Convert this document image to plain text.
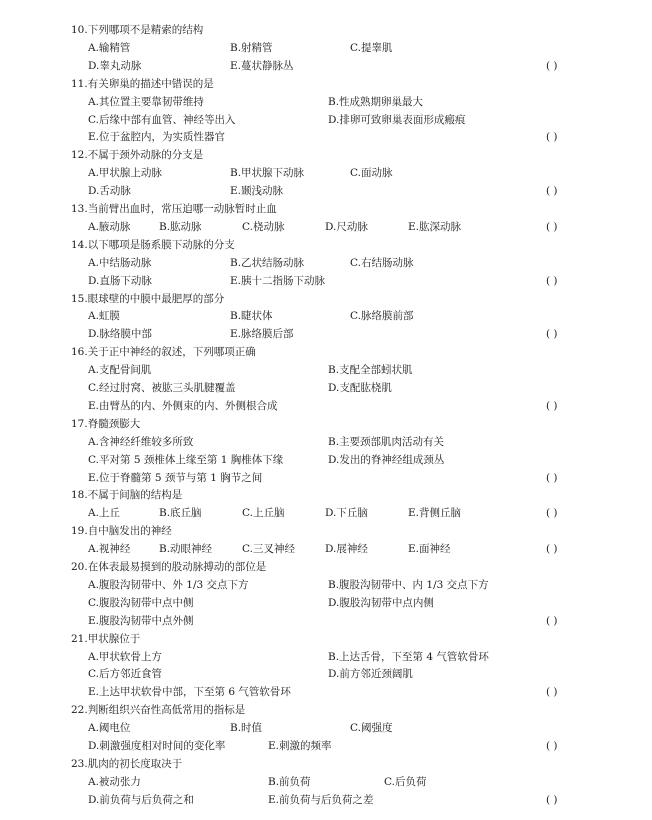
10.下列哪项不是精索的结构
A.输精管	B.射精管	C.提睾肌
D.睾丸动脉	E.蔓状静脉丛	( )
11.有关卵巢的描述中错误的是
A.其位置主要靠韧带维持	B.性成熟期卵巢最大
C.后缘中部有血管、神经等出入	D.排卵可致卵巢表面形成瘢痕
E.位于盆腔内，为实质性器官	( )
12.不属于颈外动脉的分支是
A.甲状腺上动脉	B.甲状腺下动脉	C.面动脉
D.舌动脉	E.颞浅动脉	( )
13.当前臂出血时，常压迫哪一动脉暂时止血
A.腋动脉	B.肱动脉	C.桡动脉	D.尺动脉	E.肱深动脉	( )
14.以下哪项是肠系膜下动脉的分支
A.中结肠动脉	B.乙状结肠动脉	C.右结肠动脉
D.直肠下动脉	E.胰十二指肠下动脉	( )
15.眼球壁的中膜中最肥厚的部分
A.虹膜	B.睫状体	C.脉络膜前部
D.脉络膜中部	E.脉络膜后部	( )
16.关于正中神经的叙述，下列哪项正确
A.支配骨间肌	B.支配全部蚓状肌
C.经过肘窝、被肱三头肌腱覆盖	D.支配肱桡肌
E.由臂丛的内、外侧束的内、外侧根合成	( )
17.脊髓颈膨大
A.含神经纤维较多所致	B.主要颈部肌肉活动有关
C.平对第 5 颈椎体上缘至第 1 胸椎体下缘	D.发出的脊神经组成颈丛
E.位于脊髓第 5 颈节与第 1 胸节之间	( )
18.不属于间脑的结构是
A.上丘	B.底丘脑	C.上丘脑	D.下丘脑	E.背侧丘脑	( )
19.自中脑发出的神经
A.视神经	B.动眼神经	C.三叉神经	D.展神经	E.面神经	( )
20.在体表最易摸到的股动脉搏动的部位是
A.腹股沟韧带中、外 1/3 交点下方	B.腹股沟韧带中、内 1/3 交点下方
C.腹股沟韧带中点中侧	D.腹股沟韧带中点内侧
E.腹股沟韧带中点外侧	( )
21.甲状腺位于
A.甲状软骨上方	B.上达舌骨，下至第 4 气管软骨环
C.后方邻近食管	D.前方邻近颈阔肌
E.上达甲状软骨中部，下至第 6 气管软骨环	( )
22.判断组织兴奋性高低常用的指标是
A.阈电位	B.时值	C.阈强度
D.刺激强度相对时间的变化率	E.刺激的频率	( )
23.肌肉的初长度取决于
A.被动张力	B.前负荷	C.后负荷
D.前负荷与后负荷之和	E.前负荷与后负荷之差	( )
